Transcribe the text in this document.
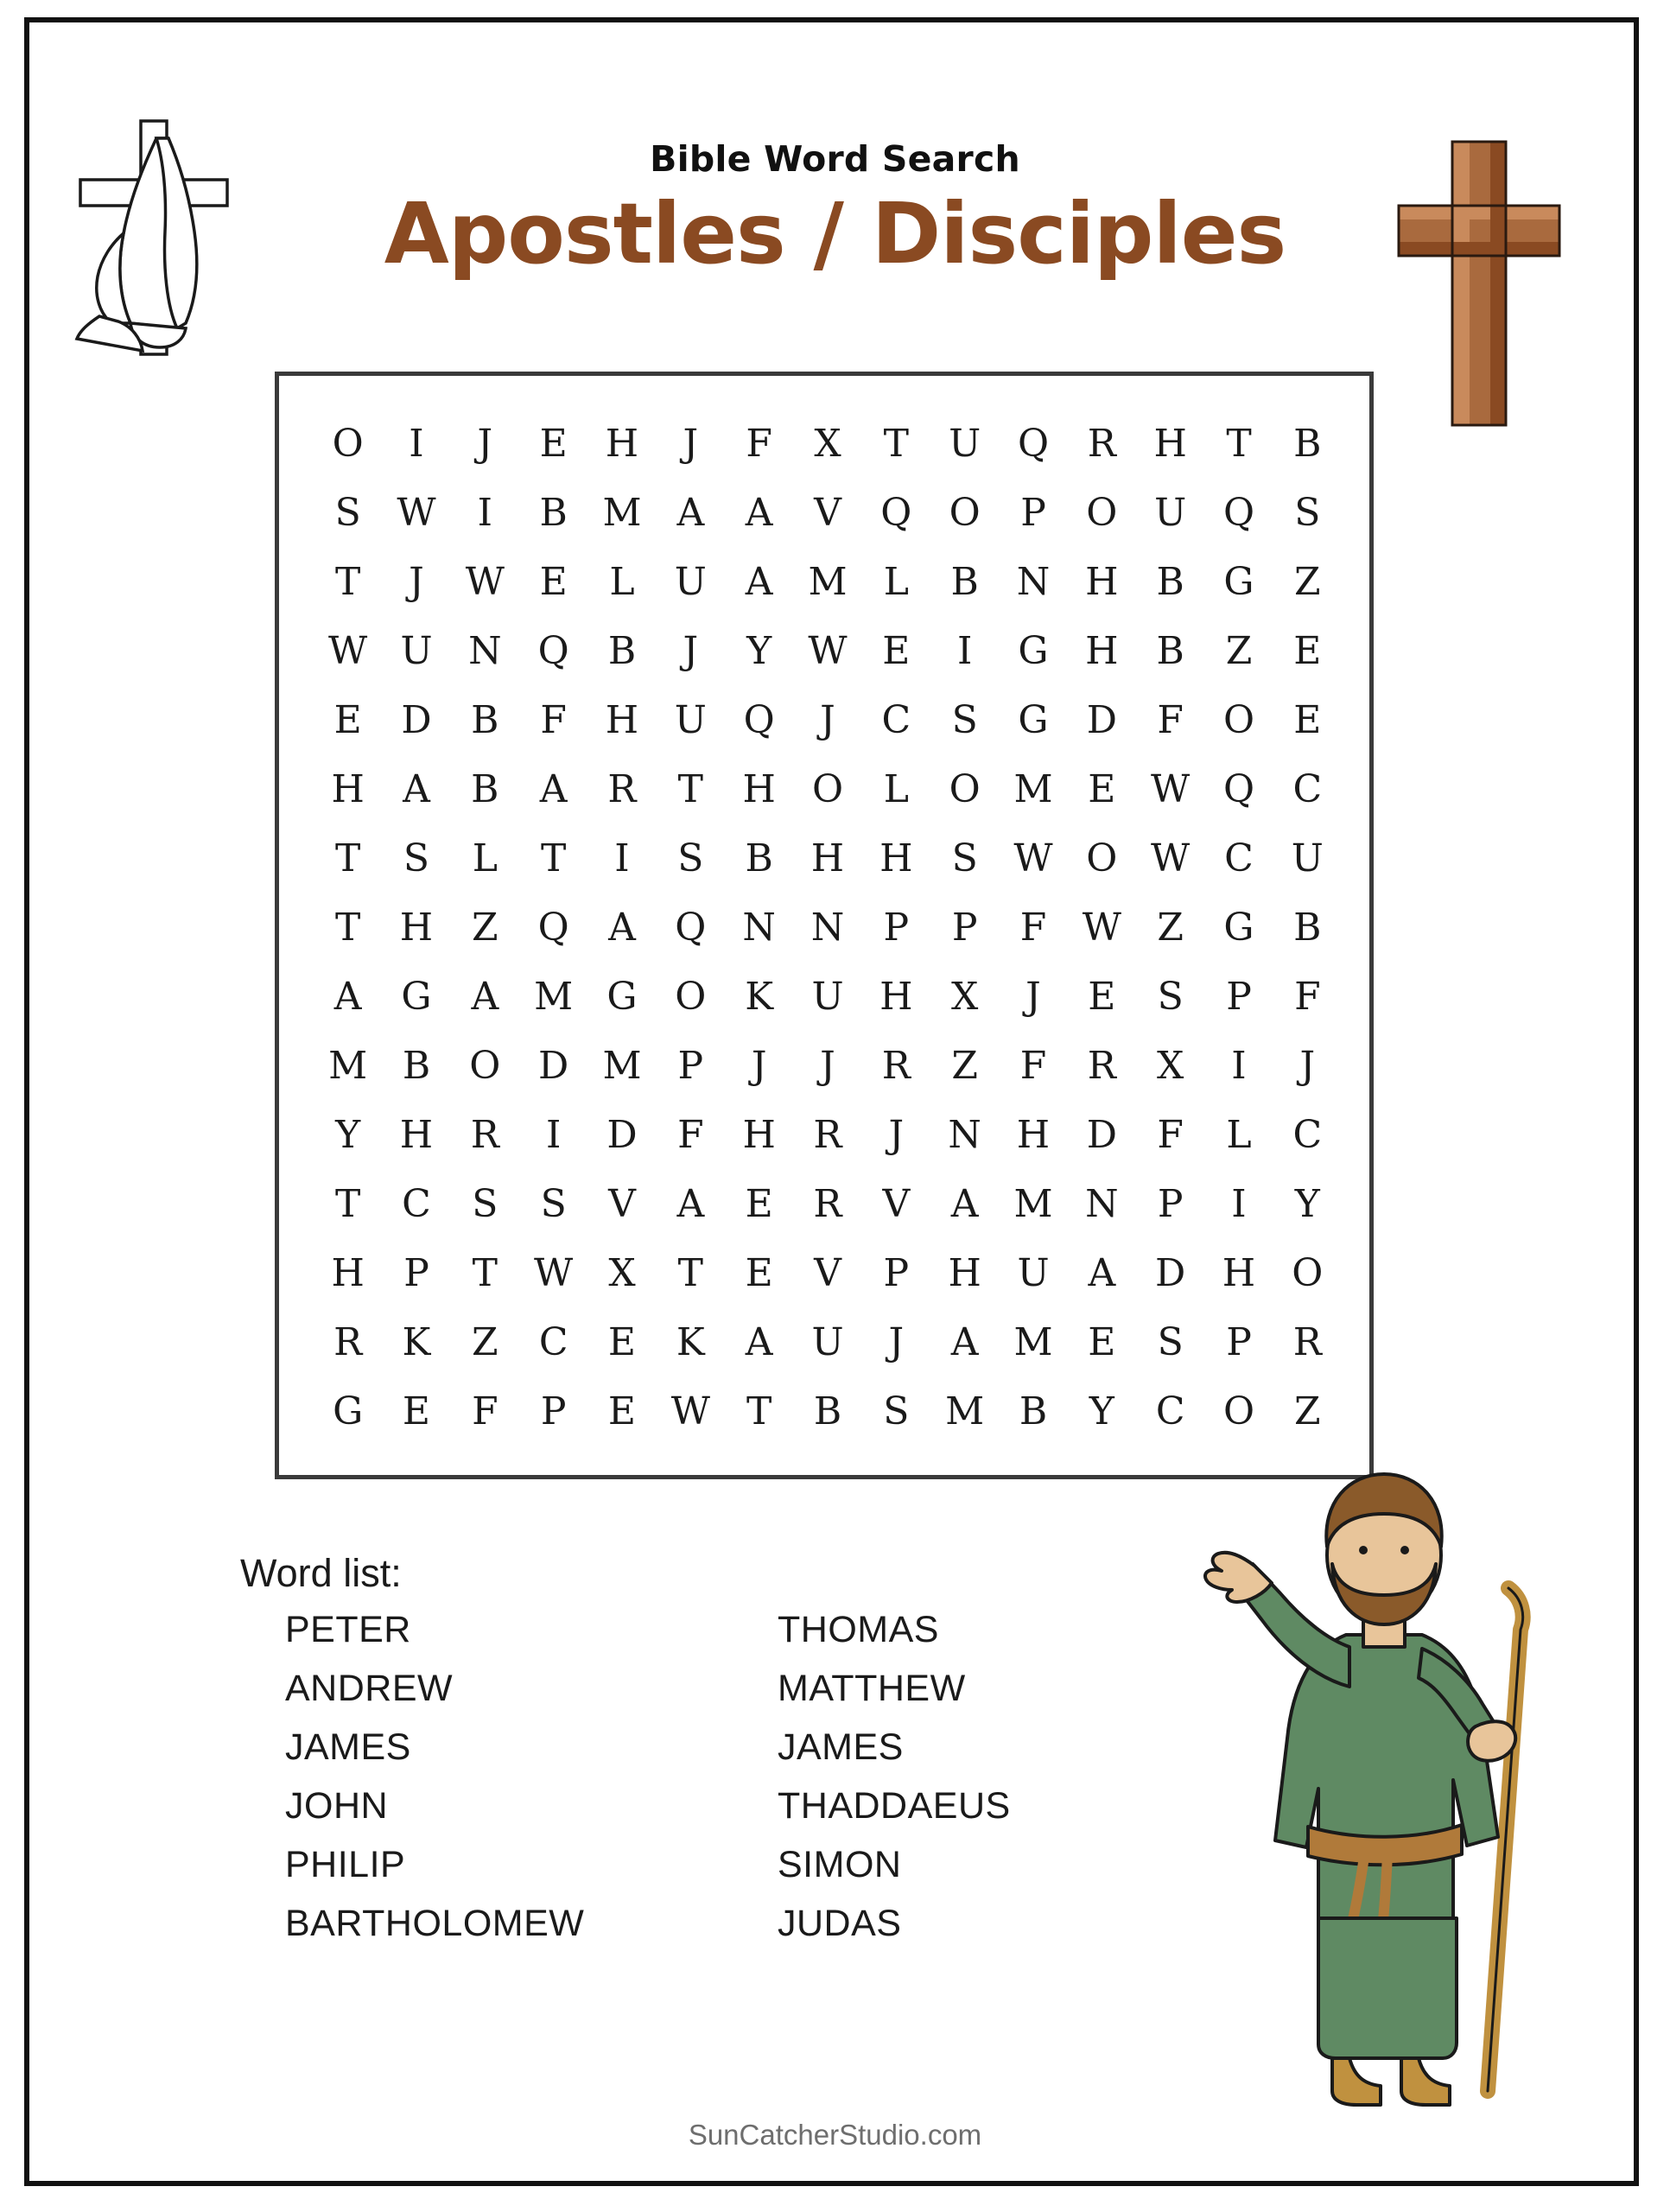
Bible Word Search
Apostles / Disciples
O	I	J	E	H	J	F	X	T	U Q	R H	T	B
S W	I	B M A	A	V	Q O	P	O U Q	S
T	J	W E	L	U	A M L	B N H B	G	Z
W U N Q	B	J	Y W E	I	G H B	Z	E
E	D	B	F	H U Q	J	C	S	G	D	F	O	E
H	A	B	A	R	T	H O	L	O M E W Q	C
T	S	L	T	I	S	B H H	S W O W C U
T	H	Z	Q	A	Q N N	P	P	F W Z	G	B
A	G	A M G O	K	U H	X	J	E	S	P	F
M B	O D M P	J	J	R	Z	F	R	X	I	J
Y	H R	I	D	F	H R	J	N H D	F	L	C
T	C	S	S	V	A	E	R	V	A M N	P	I	Y
H	P	T W X	T	E	V	P	H U	A	D H O
R	K	Z	C	E	K	A	U	J	A M E	S	P	R
G	E	F	P	E W T	B	S M B	Y	C	O	Z
Word list:
PETER	THOMAS
ANDREW	MATTHEW
JAMES	JAMES
JOHN	THADDAEUS
PHILIP	SIMON
BARTHOLOMEW	JUDAS
SunCatcherStudio.com
